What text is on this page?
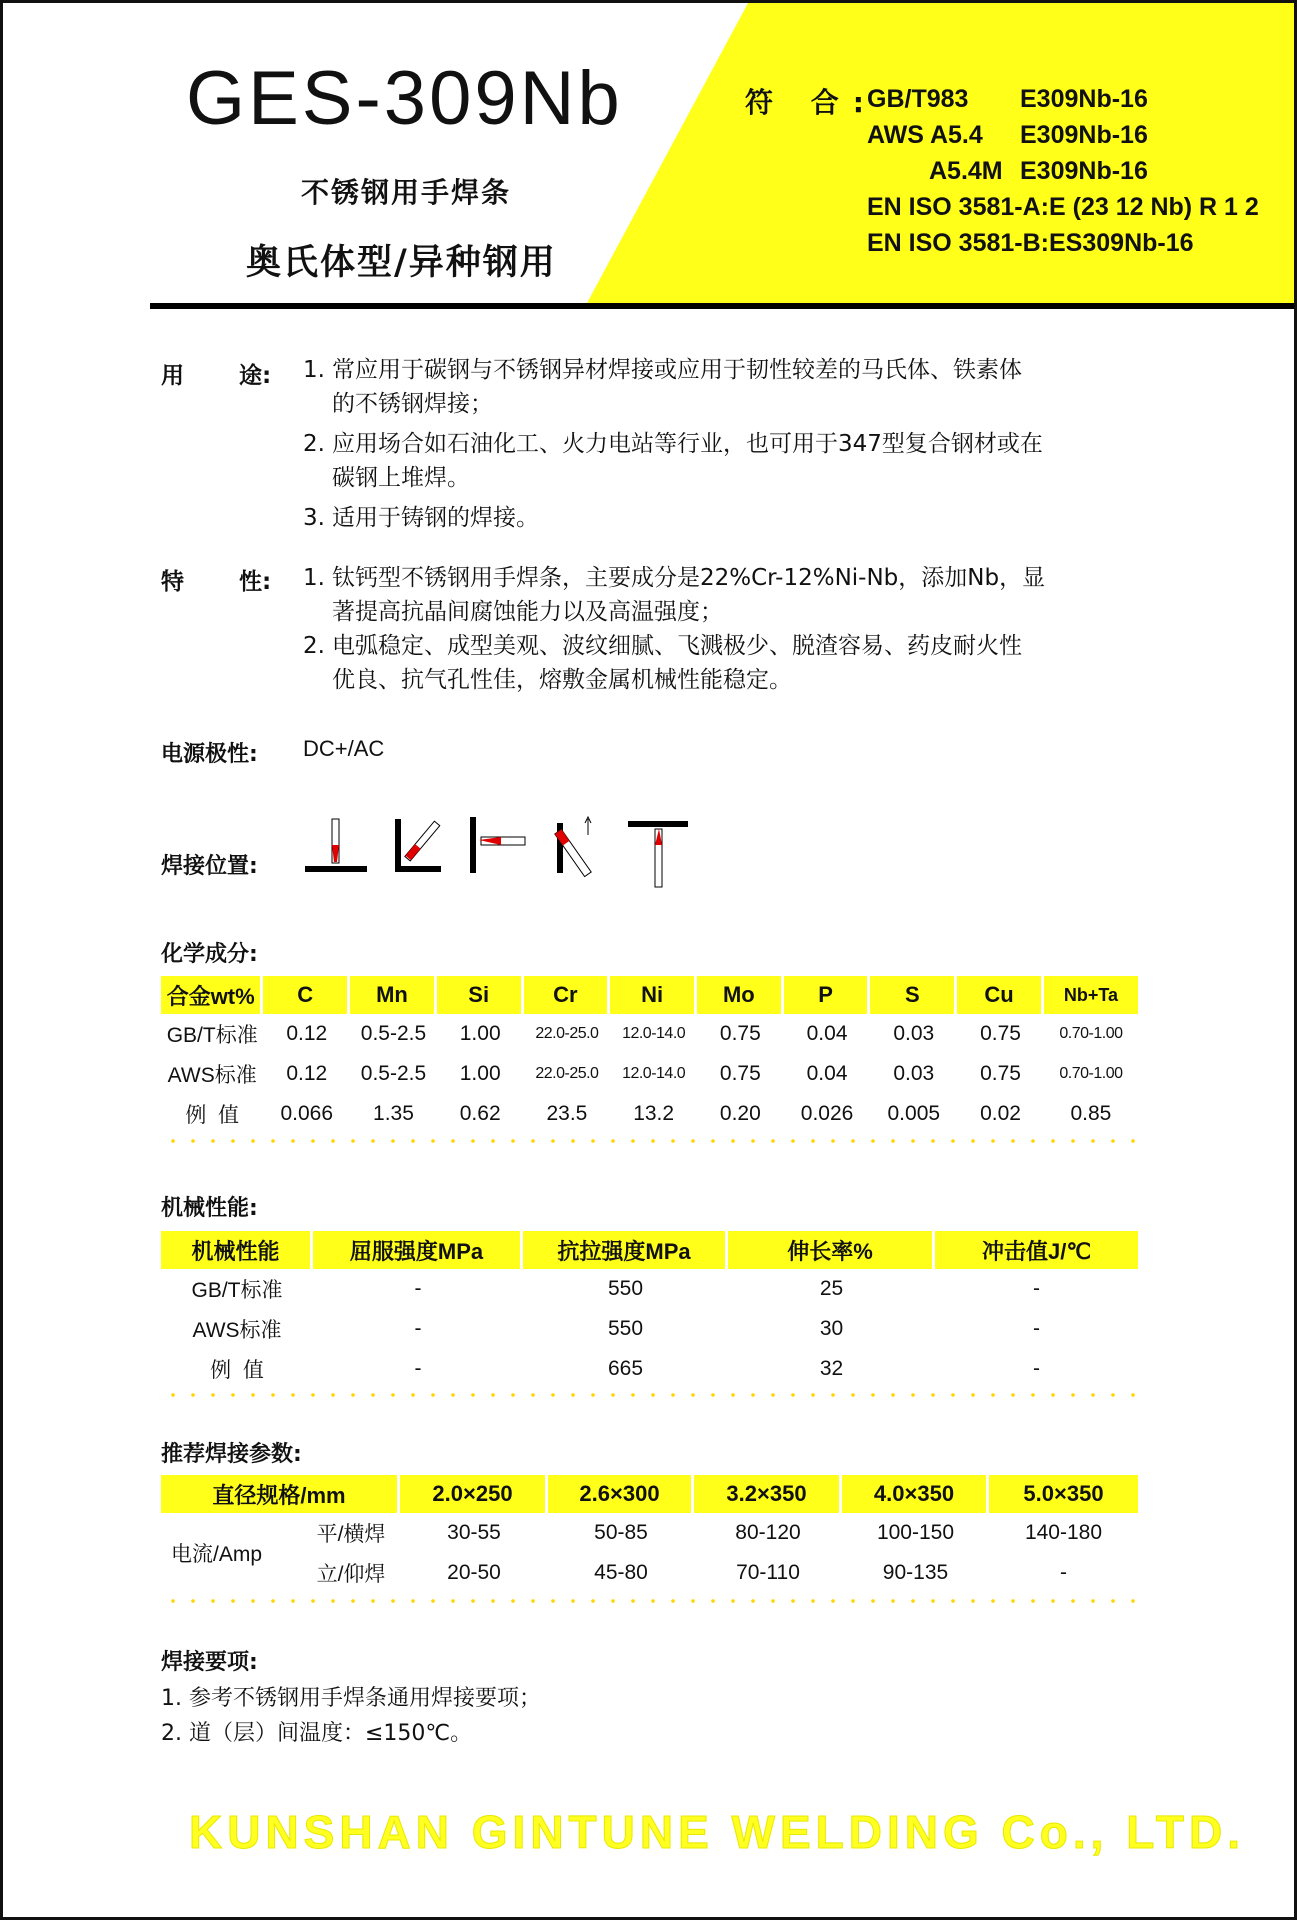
GES-309Nb
不锈钢用手焊条
奥氏体型/异种钢用
符 合:
GB/T983 E309Nb-16
AWS A5.4 E309Nb-16
A5.4M E309Nb-16
EN ISO 3581-A:E (23 12 Nb) R 1 2
EN ISO 3581-B:ES309Nb-16
用 途: 1. 常应用于碳钢与不锈钢异材焊接或应用于韧性较差的马氏体、铁素体
的不锈钢焊接；
2. 应用场合如石油化工、火力电站等行业，也可用于347型复合钢材或在
碳钢上堆焊。
3. 适用于铸钢的焊接。
特 性: 1. 钛钙型不锈钢用手焊条，主要成分是22%Cr-12%Ni-Nb，添加Nb，显
著提高抗晶间腐蚀能力以及高温强度；
2. 电弧稳定、成型美观、波纹细腻、飞溅极少、脱渣容易、药皮耐火性
优良、抗气孔性佳，熔敷金属机械性能稳定。
电源极性: DC+/AC
焊接位置:
化学成分:
合金wt%	C	Mn	Si	Cr	Ni	Mo	P	S	Cu	Nb+Ta
GB/T标准	0.12	0.5-2.5	1.00	22.0-25.0	12.0-14.0	0.75	0.04	0.03	0.75	0.70-1.00
AWS标准	0.12	0.5-2.5	1.00	22.0-25.0	12.0-14.0	0.75	0.04	0.03	0.75	0.70-1.00
例  值	0.066	1.35	0.62	23.5	13.2	0.20	0.026	0.005	0.02	0.85
机械性能:
机械性能	屈服强度MPa	抗拉强度MPa	伸长率%	冲击值J/℃
GB/T标准	-	550	25	-
AWS标准	-	550	30	-
例  值	-	665	32	-
推荐焊接参数:
直径规格/mm		2.0×250	2.6×300	3.2×350	4.0×350	5.0×350
电流/Amp	平/横焊	30-55	50-85	80-120	100-150	140-180
	立/仰焊	20-50	45-80	70-110	90-135	-
焊接要项:
1. 参考不锈钢用手焊条通用焊接要项；
2. 道（层）间温度：≤150℃。
KUNSHAN GINTUNE WELDING Co., LTD.
